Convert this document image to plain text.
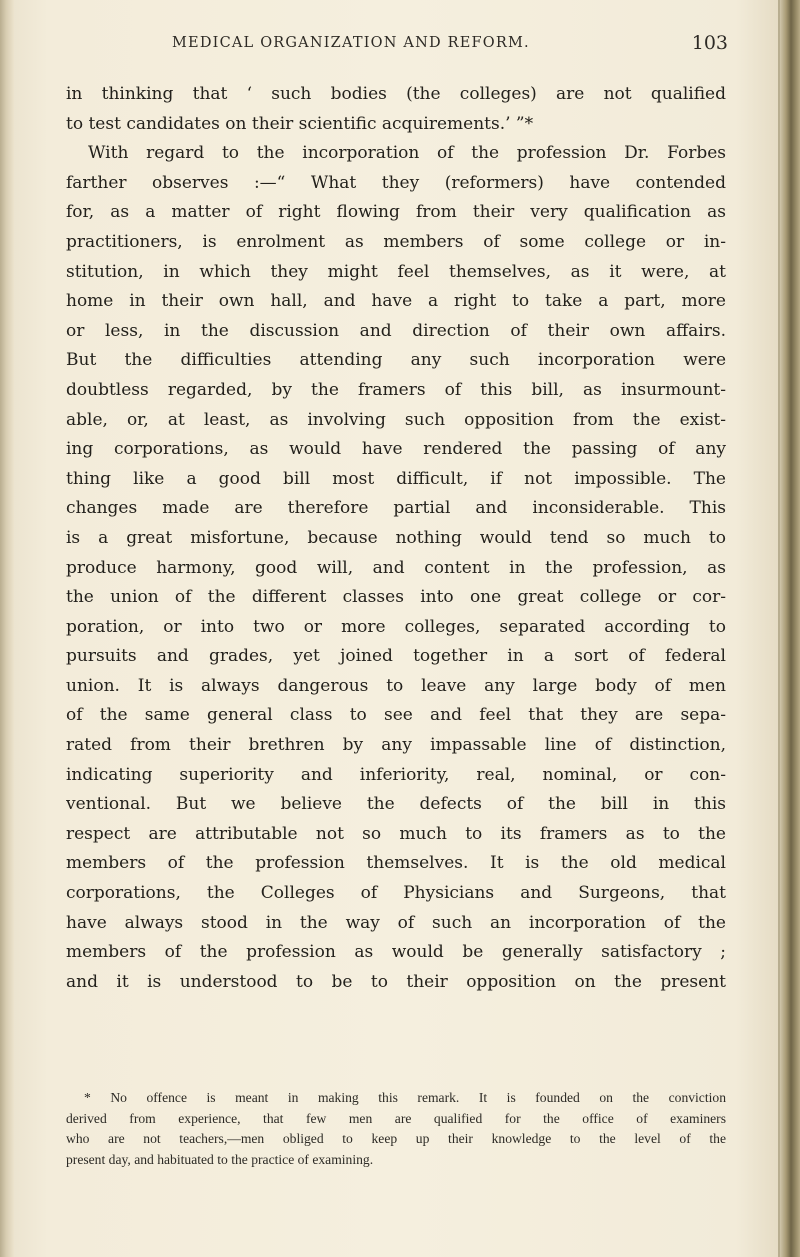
MEDICAL ORGANIZATION AND REFORM.	103
in thinking that ‘ such bodies (the colleges) are not qualified
to test candidates on their scientific acquirements.’ ”*
With regard to the incorporation of the profession Dr. Forbes
farther observes :—“ What they (reformers) have contended
for, as a matter of right flowing from their very qualification as
practitioners, is enrolment as members of some college or in-
stitution, in which they might feel themselves, as it were, at
home in their own hall, and have a right to take a part, more
or less, in the discussion and direction of their own affairs.
But the difficulties attending any such incorporation were
doubtless regarded, by the framers of this bill, as insurmount-
able, or, at least, as involving such opposition from the exist-
ing corporations, as would have rendered the passing of any
thing like a good bill most difficult, if not impossible. The
changes made are therefore partial and inconsiderable. This
is a great misfortune, because nothing would tend so much to
produce harmony, good will, and content in the profession, as
the union of the different classes into one great college or cor-
poration, or into two or more colleges, separated according to
pursuits and grades, yet joined together in a sort of federal
union. It is always dangerous to leave any large body of men
of the same general class to see and feel that they are sepa-
rated from their brethren by any impassable line of distinction,
indicating superiority and inferiority, real, nominal, or con-
ventional. But we believe the defects of the bill in this
respect are attributable not so much to its framers as to the
members of the profession themselves. It is the old medical
corporations, the Colleges of Physicians and Surgeons, that
have always stood in the way of such an incorporation of the
members of the profession as would be generally satisfactory ;
and it is understood to be to their opposition on the present
* No offence is meant in making this remark. It is founded on the conviction
derived from experience, that few men are qualified for the office of examiners
who are not teachers,—men obliged to keep up their knowledge to the level of the
present day, and habituated to the practice of examining.
